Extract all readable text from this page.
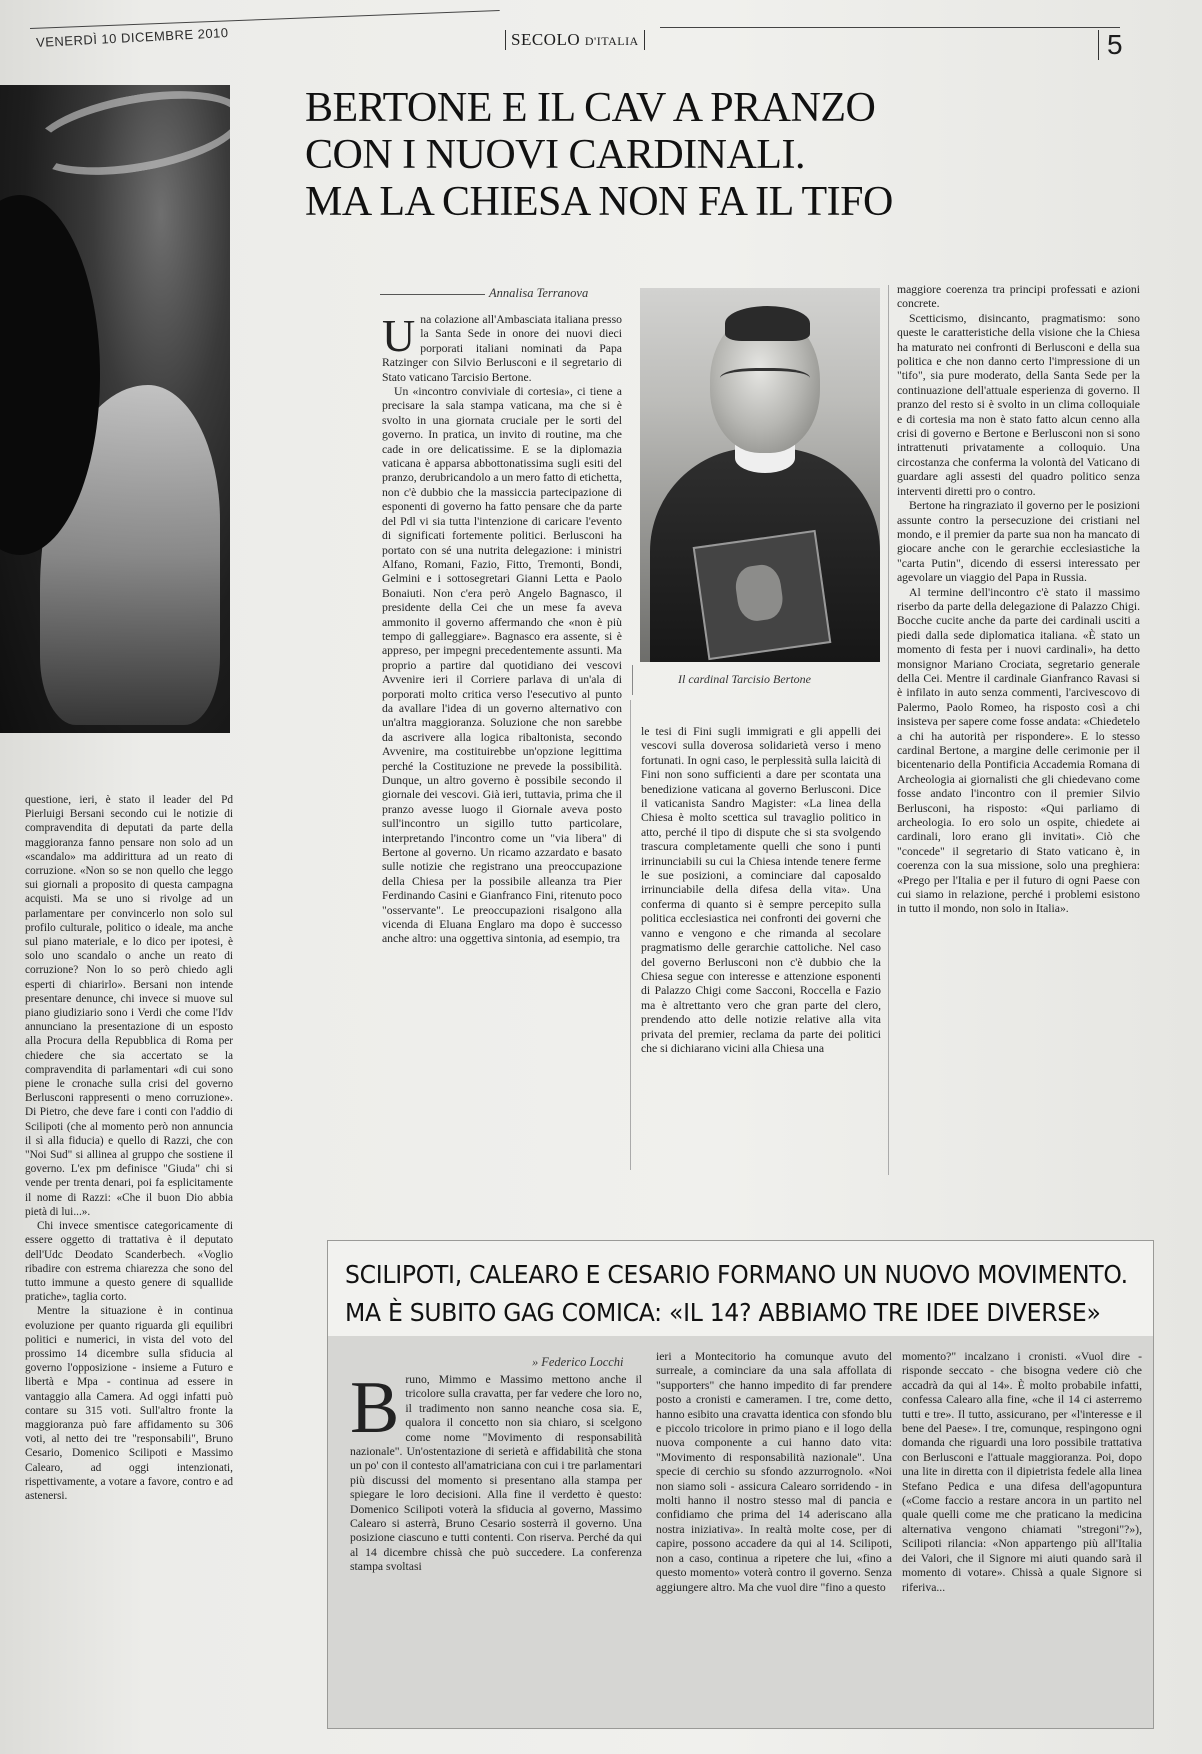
VENERDÌ 10 DICEMBRE 2010	SECOLO D'ITALIA	5
BERTONE E IL CAV A PRANZO
CON I NUOVI CARDINALI.
MA LA CHIESA NON FA IL TIFO
Annalisa Terranova

questione, ieri, è stato il leader del Pd Pierluigi Bersani secondo cui le notizie di compravendita di deputati da parte della maggioranza fanno pensare non solo ad un «scandalo» ma addirittura ad un reato di corruzione. «Non so se non quello che leggo sui giornali a proposito di questa campagna acquisti. Ma se uno si rivolge ad un parlamentare per convincerlo non solo sul profilo culturale, politico o ideale, ma anche sul piano materiale, e lo dico per ipotesi, è solo uno scandalo o anche un reato di corruzione? Non lo so però chiedo agli esperti di chiarirlo». Bersani non intende presentare denunce, chi invece si muove sul piano giudiziario sono i Verdi che come l'Idv annunciano la presentazione di un esposto alla Procura della Repubblica di Roma per chiedere che sia accertato se la compravendita di parlamentari «di cui sono piene le cronache sulla crisi del governo Berlusconi rappresenti o meno corruzione». Di Pietro, che deve fare i conti con l'addio di Scilipoti (che al momento però non annuncia il sì alla fiducia) e quello di Razzi, che con "Noi Sud" si allinea al gruppo che sostiene il governo. L'ex pm definisce "Giuda" chi si vende per trenta denari, poi fa esplicitamente il nome di Razzi: «Che il buon Dio abbia pietà di lui...».

Chi invece smentisce categoricamente di essere oggetto di trattativa è il deputato dell'Udc Deodato Scanderbech. «Voglio ribadire con estrema chiarezza che sono del tutto immune a questo genere di squallide pratiche», taglia corto.

Mentre la situazione è in continua evoluzione per quanto riguarda gli equilibri politici e numerici, in vista del voto del prossimo 14 dicembre sulla sfiducia al governo l'opposizione - insieme a Futuro e libertà e Mpa - continua ad essere in vantaggio alla Camera. Ad oggi infatti può contare su 315 voti. Sull'altro fronte la maggioranza può fare affidamento su 306 voti, al netto dei tre "responsabili", Bruno Cesario, Domenico Scilipoti e Massimo Calearo, ad oggi intenzionati, rispettivamente, a votare a favore, contro e ad astenersi.

Una colazione all'Ambasciata italiana presso la Santa Sede in onore dei nuovi dieci porporati italiani nominati da Papa Ratzinger con Silvio Berlusconi e il segretario di Stato vaticano Tarcisio Bertone.

Un «incontro conviviale di cortesia», ci tiene a precisare la sala stampa vaticana, ma che si è svolto in una giornata cruciale per le sorti del governo. In pratica, un invito di routine, ma che cade in ore delicatissime. E se la diplomazia vaticana è apparsa abbottonatissima sugli esiti del pranzo, derubricandolo a un mero fatto di etichetta, non c'è dubbio che la massiccia partecipazione di esponenti di governo ha fatto pensare che da parte del Pdl vi sia tutta l'intenzione di caricare l'evento di significati fortemente politici. Berlusconi ha portato con sé una nutrita delegazione: i ministri Alfano, Romani, Fazio, Fitto, Tremonti, Bondi, Gelmini e i sottosegretari Gianni Letta e Paolo Bonaiuti. Non c'era però Angelo Bagnasco, il presidente della Cei che un mese fa aveva ammonito il governo affermando che «non è più tempo di galleggiare». Bagnasco era assente, si è appreso, per impegni precedentemente assunti. Ma proprio a partire dal quotidiano dei vescovi Avvenire ieri il Corriere parlava di un'ala di porporati molto critica verso l'esecutivo al punto da avallare l'idea di un governo alternativo con un'altra maggioranza. Soluzione che non sarebbe da ascrivere alla logica ribaltonista, secondo Avvenire, ma costituirebbe un'opzione legittima perché la Costituzione ne prevede la possibilità. Dunque, un altro governo è possibile secondo il giornale dei vescovi. Già ieri, tuttavia, prima che il pranzo avesse luogo il Giornale aveva posto sull'incontro un sigillo tutto particolare, interpretando l'incontro come un "via libera" di Bertone al governo. Un ricamo azzardato e basato sulle notizie che registrano una preoccupazione della Chiesa per la possibile alleanza tra Pier Ferdinando Casini e Gianfranco Fini, ritenuto poco "osservante". Le preoccupazioni risalgono alla vicenda di Eluana Englaro ma dopo è successo anche altro: una oggettiva sintonia, ad esempio, tra

Il cardinal Tarcisio Bertone

le tesi di Fini sugli immigrati e gli appelli dei vescovi sulla doverosa solidarietà verso i meno fortunati. In ogni caso, le perplessità sulla laicità di Fini non sono sufficienti a dare per scontata una benedizione vaticana al governo Berlusconi. Dice il vaticanista Sandro Magister: «La linea della Chiesa è molto scettica sul travaglio politico in atto, perché il tipo di dispute che si sta svolgendo trascura completamente quelli che sono i punti irrinunciabili su cui la Chiesa intende tenere ferme le sue posizioni, a cominciare dal caposaldo irrinunciabile della difesa della vita». Una conferma di quanto si è sempre percepito sulla politica ecclesiastica nei confronti dei governi che vanno e vengono e che rimanda al secolare pragmatismo delle gerarchie cattoliche. Nel caso del governo Berlusconi non c'è dubbio che la Chiesa segue con interesse e attenzione esponenti di Palazzo Chigi come Sacconi, Roccella e Fazio ma è altrettanto vero che gran parte del clero, prendendo atto delle notizie relative alla vita privata del premier, reclama da parte dei politici che si dichiarano vicini alla Chiesa una

maggiore coerenza tra principi professati e azioni concrete.

Scetticismo, disincanto, pragmatismo: sono queste le caratteristiche della visione che la Chiesa ha maturato nei confronti di Berlusconi e della sua politica e che non danno certo l'impressione di un "tifo", sia pure moderato, della Santa Sede per la continuazione dell'attuale esperienza di governo. Il pranzo del resto si è svolto in un clima colloquiale e di cortesia ma non è stato fatto alcun cenno alla crisi di governo e Bertone e Berlusconi non si sono intrattenuti privatamente a colloquio. Una circostanza che conferma la volontà del Vaticano di guardare agli assesti del quadro politico senza interventi diretti pro o contro.

Bertone ha ringraziato il governo per le posizioni assunte contro la persecuzione dei cristiani nel mondo, e il premier da parte sua non ha mancato di giocare anche con le gerarchie ecclesiastiche la "carta Putin", dicendo di essersi interessato per agevolare un viaggio del Papa in Russia.

Al termine dell'incontro c'è stato il massimo riserbo da parte della delegazione di Palazzo Chigi. Bocche cucite anche da parte dei cardinali usciti a piedi dalla sede diplomatica italiana. «È stato un momento di festa per i nuovi cardinali», ha detto monsignor Mariano Crociata, segretario generale della Cei. Mentre il cardinale Gianfranco Ravasi si è infilato in auto senza commenti, l'arcivescovo di Palermo, Paolo Romeo, ha risposto così a chi insisteva per sapere come fosse andata: «Chiedetelo a chi ha autorità per rispondere». E lo stesso cardinal Bertone, a margine delle cerimonie per il bicentenario della Pontificia Accademia Romana di Archeologia ai giornalisti che gli chiedevano come fosse andato l'incontro con il premier Silvio Berlusconi, ha risposto: «Qui parliamo di archeologia. Io ero solo un ospite, chiedete ai cardinali, loro erano gli invitati». Ciò che "concede" il segretario di Stato vaticano è, in coerenza con la sua missione, solo una preghiera: «Prego per l'Italia e per il futuro di ogni Paese con cui siamo in relazione, perché i problemi esistono in tutto il mondo, non solo in Italia».

SCILIPOTI, CALEARO E CESARIO FORMANO UN NUOVO MOVIMENTO.
MA È SUBITO GAG COMICA: «IL 14? ABBIAMO TRE IDEE DIVERSE»
» Federico Locchi

Bruno, Mimmo e Massimo mettono anche il tricolore sulla cravatta, per far vedere che loro no, il tradimento non sanno neanche cosa sia. E, qualora il concetto non sia chiaro, si scelgono come nome "Movimento di responsabilità nazionale". Un'ostentazione di serietà e affidabilità che stona un po' con il contesto all'amatriciana con cui i tre parlamentari più discussi del momento si presentano alla stampa per spiegare le loro decisioni. Alla fine il verdetto è questo: Domenico Scilipoti voterà la sfiducia al governo, Massimo Calearo si asterrà, Bruno Cesario sosterrà il governo. Una posizione ciascuno e tutti contenti. Con riserva. Perché da qui al 14 dicembre chissà che può succedere. La conferenza stampa svoltasi

ieri a Montecitorio ha comunque avuto del surreale, a cominciare da una sala affollata di "supporters" che hanno impedito di far prendere posto a cronisti e cameramen. I tre, come detto, hanno esibito una cravatta identica con sfondo blu e piccolo tricolore in primo piano e il logo della nuova componente a cui hanno dato vita: "Movimento di responsabilità nazionale". Una specie di cerchio su sfondo azzurrognolo. «Noi non siamo soli - assicura Calearo sorridendo - in molti hanno il nostro stesso mal di pancia e confidiamo che prima del 14 aderiscano alla nostra iniziativa». In realtà molte cose, per di capire, possono accadere da qui al 14. Scilipoti, non a caso, continua a ripetere che lui, «fino a questo momento» voterà contro il governo. Senza aggiungere altro. Ma che vuol dire "fino a questo

momento?" incalzano i cronisti. «Vuol dire - risponde seccato - che bisogna vedere ciò che accadrà da qui al 14». È molto probabile infatti, confessa Calearo alla fine, «che il 14 ci asterremo tutti e tre». Il tutto, assicurano, per «l'interesse e il bene del Paese». I tre, comunque, respingono ogni domanda che riguardi una loro possibile trattativa con Berlusconi e l'attuale maggioranza. Poi, dopo una lite in diretta con il dipietrista fedele alla linea Stefano Pedica e una difesa dell'agopuntura («Come faccio a restare ancora in un partito nel quale quelli come me che praticano la medicina alternativa vengono chiamati "stregoni"?»), Scilipoti rilancia: «Non appartengo più all'Italia dei Valori, che il Signore mi aiuti quando sarà il momento di votare». Chissà a quale Signore si riferiva...
